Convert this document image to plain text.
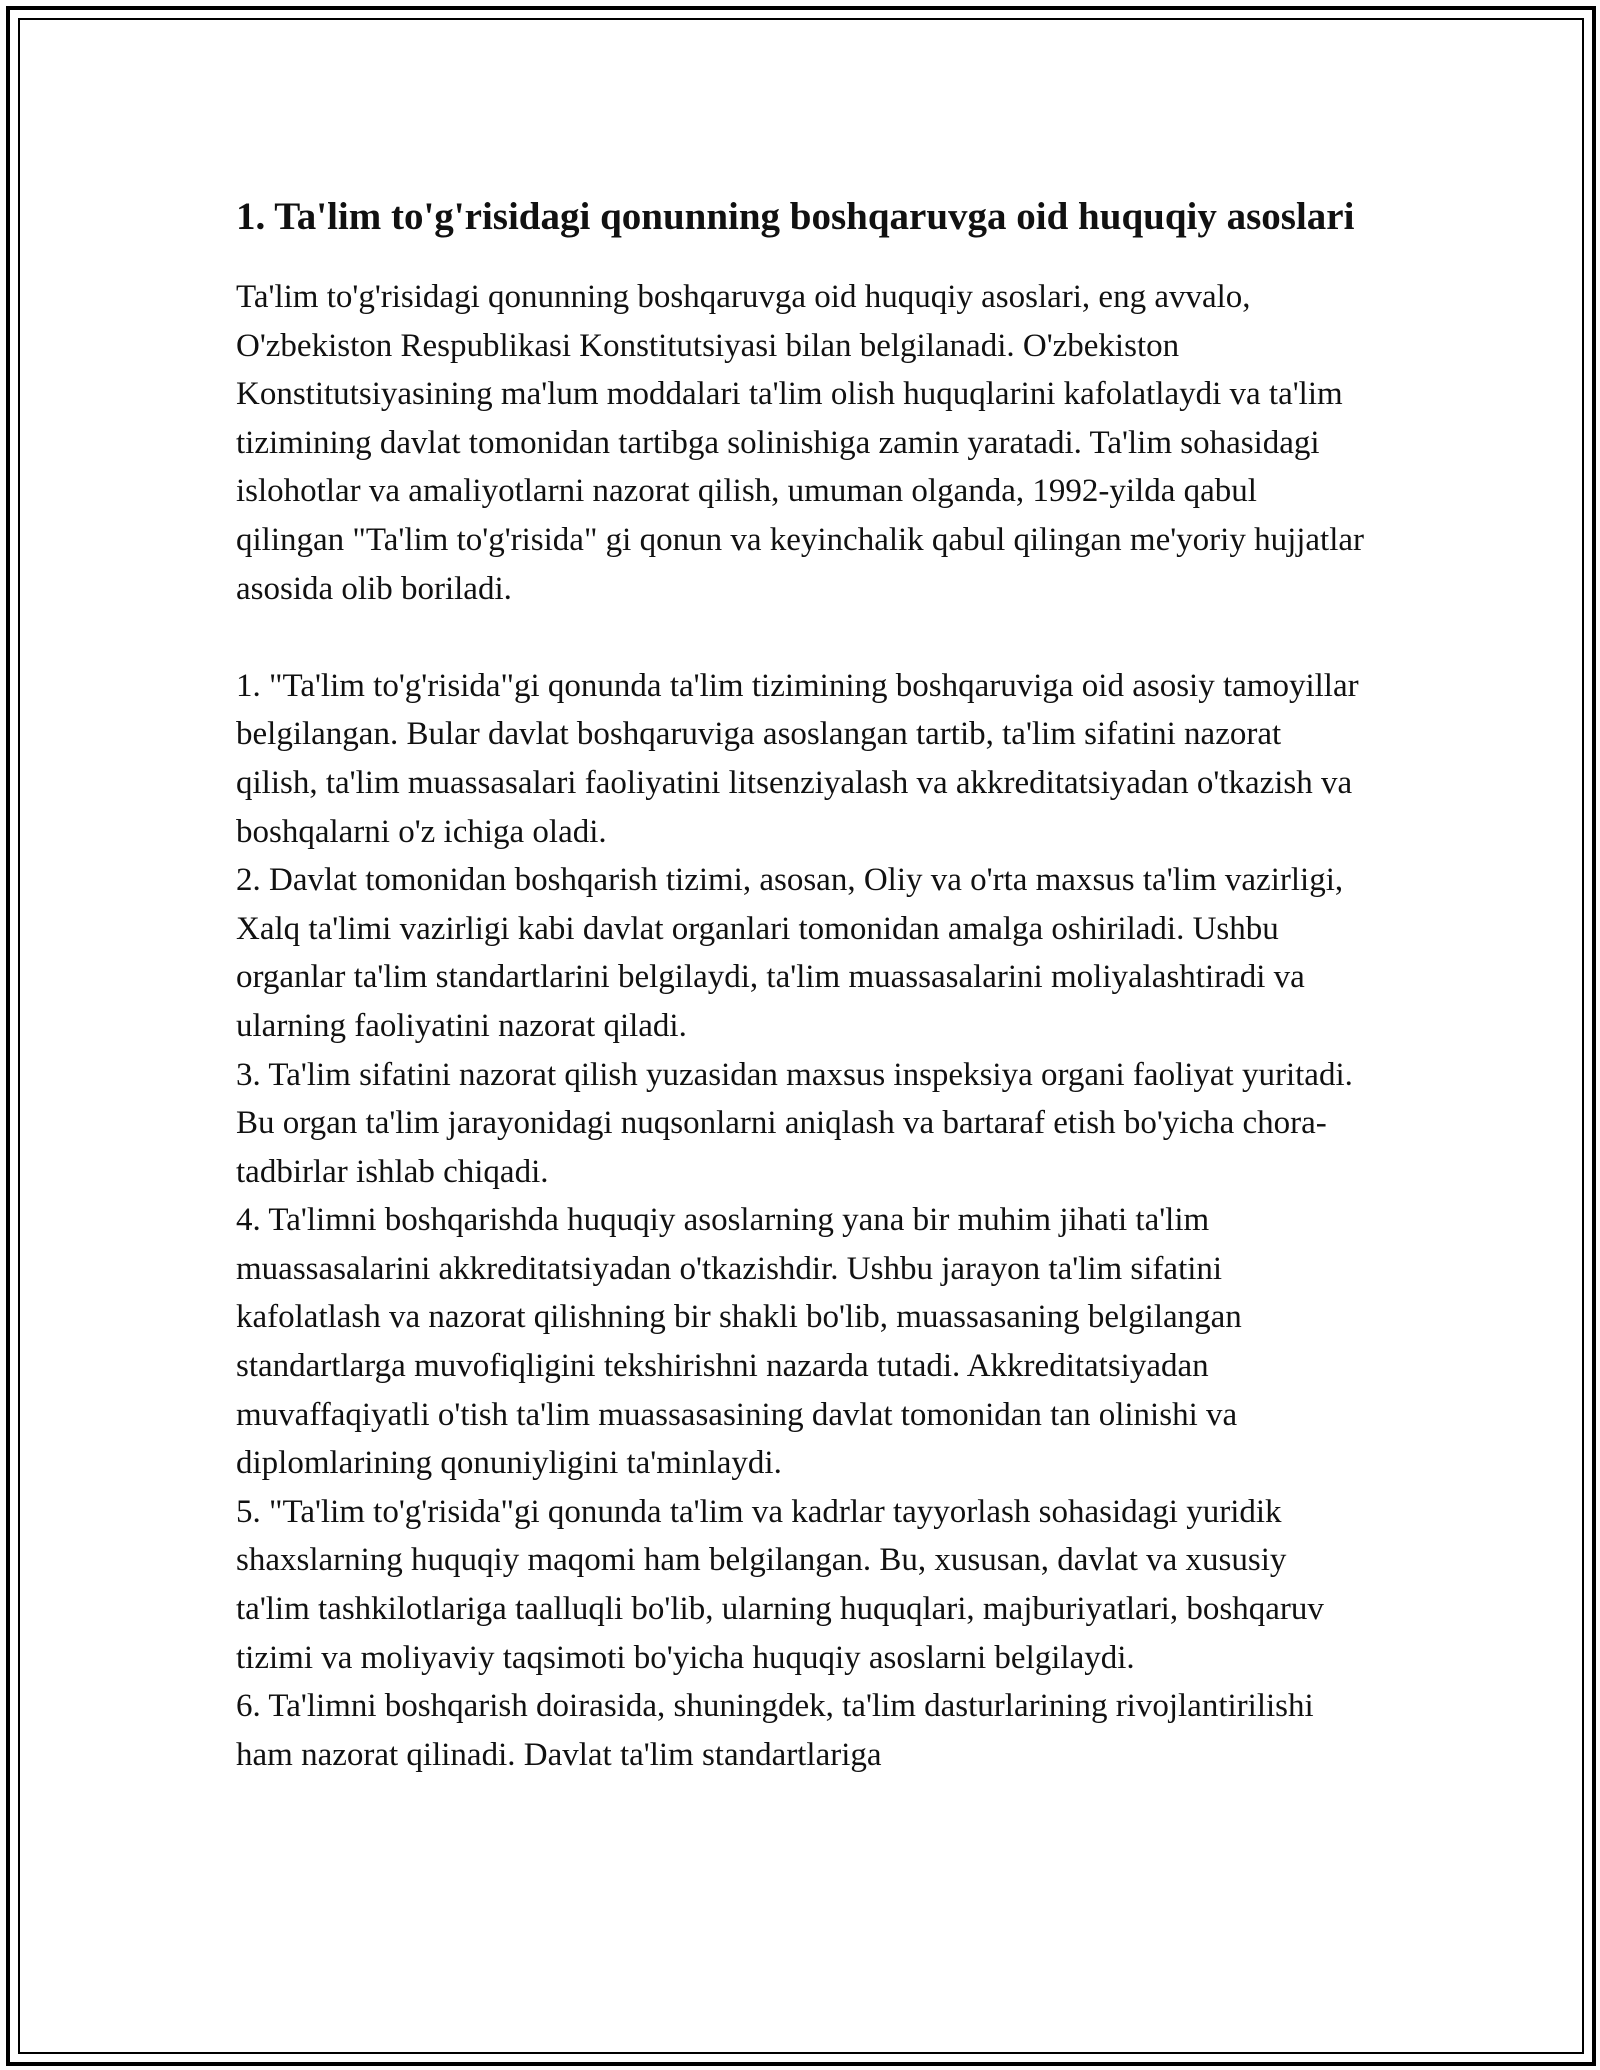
1. Ta'lim to'g'risidagi qonunning boshqaruvga oid huquqiy asoslari

Ta'lim to'g'risidagi qonunning boshqaruvga oid huquqiy asoslari, eng avvalo, O'zbekiston Respublikasi Konstitutsiyasi bilan belgilanadi. O'zbekiston Konstitutsiyasining ma'lum moddalari ta'lim olish huquqlarini kafolatlaydi va ta'lim tizimining davlat tomonidan tartibga solinishiga zamin yaratadi. Ta'lim sohasidagi islohotlar va amaliyotlarni nazorat qilish, umuman olganda, 1992-yilda qabul qilingan "Ta'lim to'g'risida" gi qonun va keyinchalik qabul qilingan me'yoriy hujjatlar asosida olib boriladi.

1. "Ta'lim to'g'risida"gi qonunda ta'lim tizimining boshqaruviga oid asosiy tamoyillar belgilangan. Bular davlat boshqaruviga asoslangan tartib, ta'lim sifatini nazorat qilish, ta'lim muassasalari faoliyatini litsenziyalash va akkreditatsiyadan o'tkazish va boshqalarni o'z ichiga oladi.
2. Davlat tomonidan boshqarish tizimi, asosan, Oliy va o'rta maxsus ta'lim vazirligi, Xalq ta'limi vazirligi kabi davlat organlari tomonidan amalga oshiriladi. Ushbu organlar ta'lim standartlarini belgilaydi, ta'lim muassasalarini moliyalashtiradi va ularning faoliyatini nazorat qiladi.
3. Ta'lim sifatini nazorat qilish yuzasidan maxsus inspeksiya organi faoliyat yuritadi. Bu organ ta'lim jarayonidagi nuqsonlarni aniqlash va bartaraf etish bo'yicha chora-tadbirlar ishlab chiqadi.
4. Ta'limni boshqarishda huquqiy asoslarning yana bir muhim jihati ta'lim muassasalarini akkreditatsiyadan o'tkazishdir. Ushbu jarayon ta'lim sifatini kafolatlash va nazorat qilishning bir shakli bo'lib, muassasaning belgilangan standartlarga muvofiqligini tekshirishni nazarda tutadi. Akkreditatsiyadan muvaffaqiyatli o'tish ta'lim muassasasining davlat tomonidan tan olinishi va diplomlarining qonuniyligini ta'minlaydi.
5. "Ta'lim to'g'risida"gi qonunda ta'lim va kadrlar tayyorlash sohasidagi yuridik shaxslarning huquqiy maqomi ham belgilangan. Bu, xususan, davlat va xususiy ta'lim tashkilotlariga taalluqli bo'lib, ularning huquqlari, majburiyatlari, boshqaruv tizimi va moliyaviy taqsimoti bo'yicha huquqiy asoslarni belgilaydi.
6. Ta'limni boshqarish doirasida, shuningdek, ta'lim dasturlarining rivojlantirilishi ham nazorat qilinadi. Davlat ta'lim standartlariga
